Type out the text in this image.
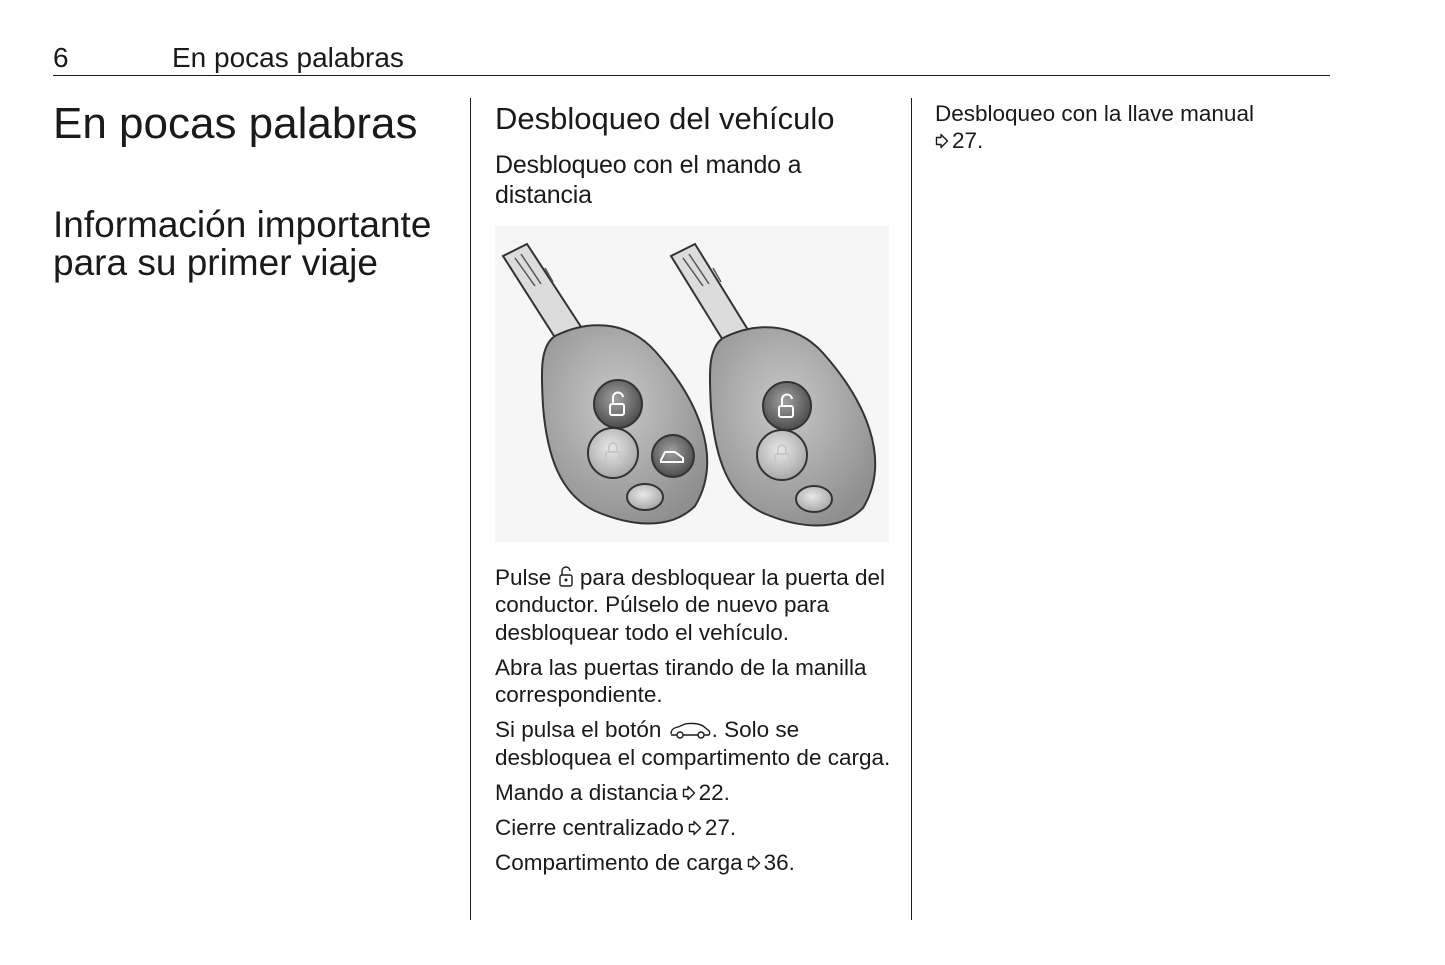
6	En pocas palabras
En pocas palabras
Información importante para su primer viaje
Desbloqueo del vehículo
Desbloqueo con el mando a distancia

Pulse para desbloquear la puerta del conductor. Púlselo de nuevo para desbloquear todo el vehículo.

Abra las puertas tirando de la manilla correspondiente.

Si pulsa el botón . Solo se desbloquea el compartimento de carga.

Mando a distancia 22.

Cierre centralizado 27.

Compartimento de carga 36.

Desbloqueo con la llave manual
27.
